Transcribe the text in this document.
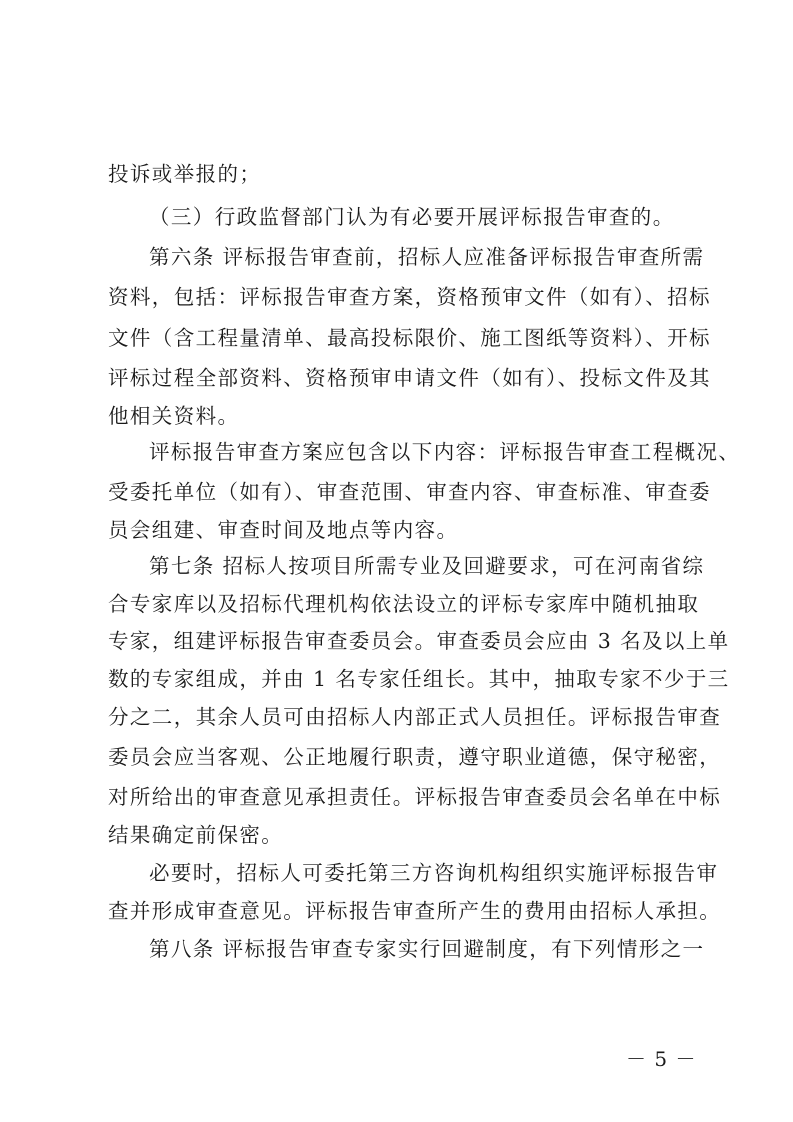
投诉或举报的；
（三）行政监督部门认为有必要开展评标报告审查的。
第六条 评标报告审查前，招标人应准备评标报告审查所需
资料，包括：评标报告审查方案，资格预审文件（如有）、招标
文件（含工程量清单、最高投标限价、施工图纸等资料）、开标
评标过程全部资料、资格预审申请文件（如有）、投标文件及其
他相关资料。
评标报告审查方案应包含以下内容：评标报告审查工程概况、
受委托单位（如有）、审查范围、审查内容、审查标准、审查委
员会组建、审查时间及地点等内容。
第七条 招标人按项目所需专业及回避要求，可在河南省综
合专家库以及招标代理机构依法设立的评标专家库中随机抽取
专家，组建评标报告审查委员会。审查委员会应由 3 名及以上单
数的专家组成，并由 1 名专家任组长。其中，抽取专家不少于三
分之二，其余人员可由招标人内部正式人员担任。评标报告审查
委员会应当客观、公正地履行职责，遵守职业道德，保守秘密，
对所给出的审查意见承担责任。评标报告审查委员会名单在中标
结果确定前保密。
必要时，招标人可委托第三方咨询机构组织实施评标报告审
查并形成审查意见。评标报告审查所产生的费用由招标人承担。
第八条 评标报告审查专家实行回避制度，有下列情形之一
－ 5 －
